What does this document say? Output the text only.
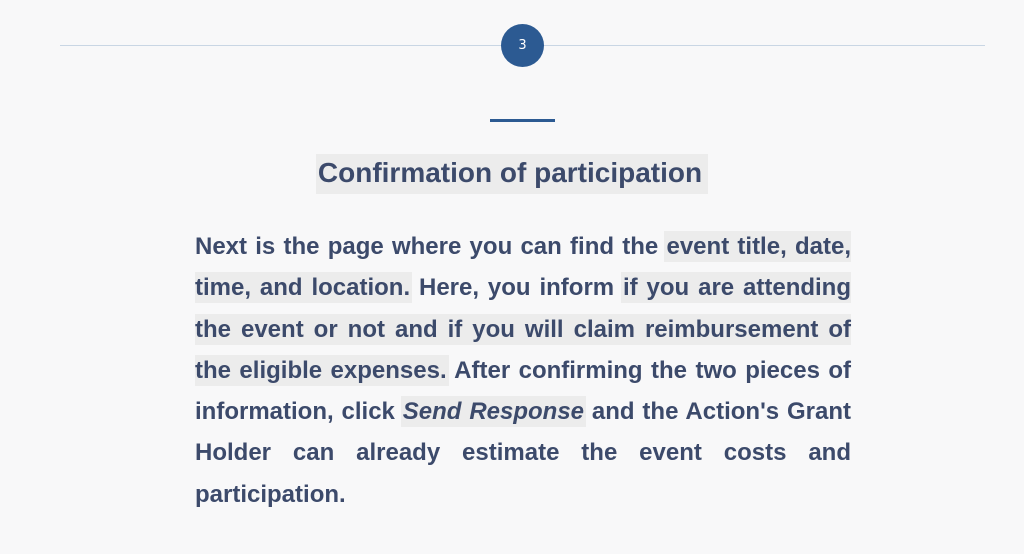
3
Confirmation of participation

Next is the page where you can find the event title, date, time, and location. Here, you inform if you are attending the event or not and if you will claim reimbursement of the eligible expenses. After confirming the two pieces of information, click Send Response and the Action's Grant Holder can already estimate the event costs and participation.
